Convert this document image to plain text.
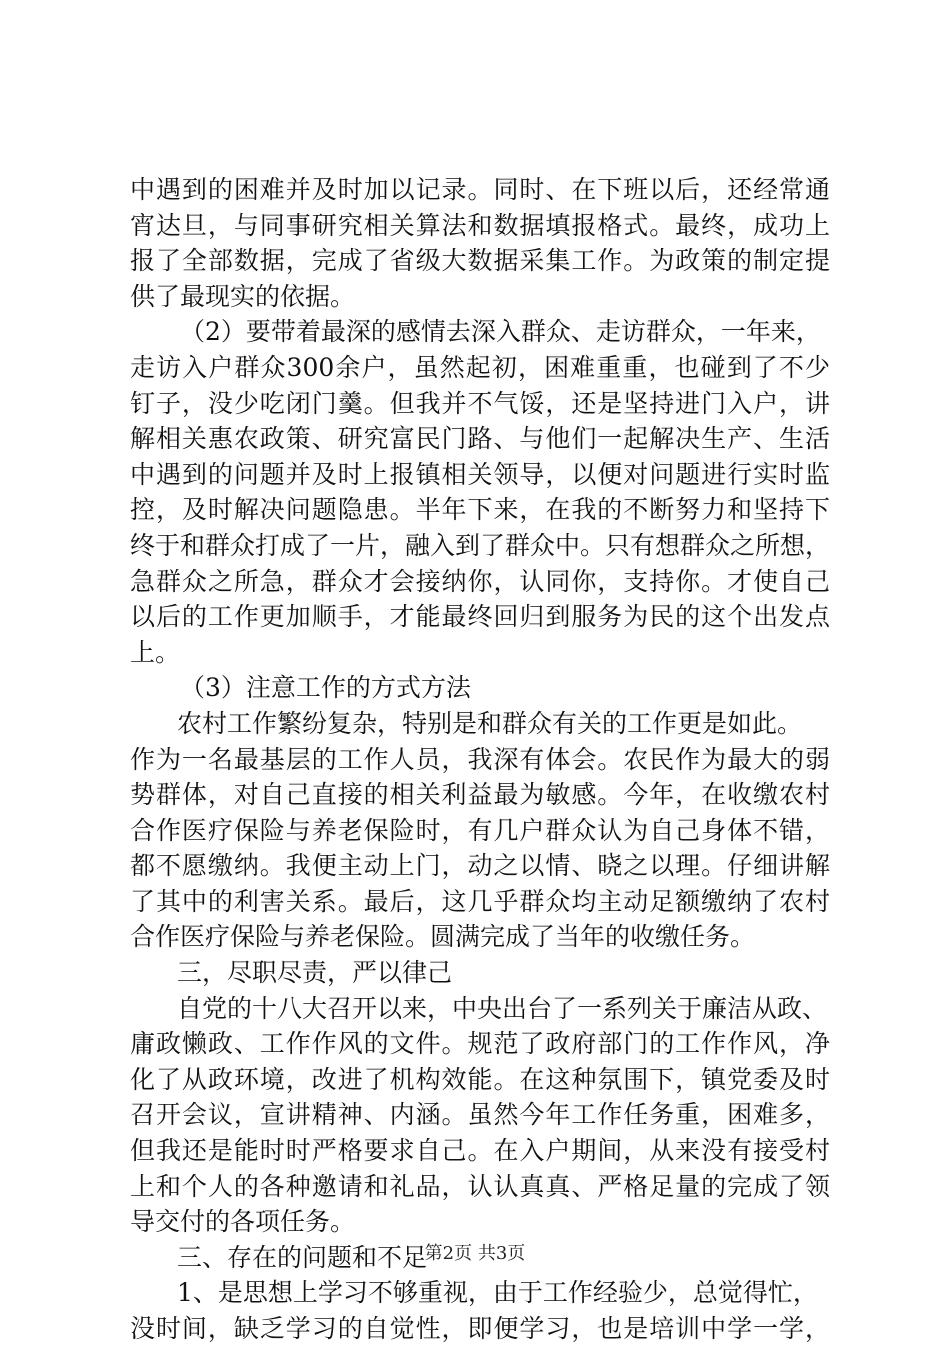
中遇到的困难并及时加以记录。同时、在下班以后，还经常通
宵达旦，与同事研究相关算法和数据填报格式。最终，成功上
报了全部数据，完成了省级大数据采集工作。为政策的制定提
供了最现实的依据。
（2）要带着最深的感情去深入群众、走访群众，一年来，
走访入户群众300余户，虽然起初，困难重重，也碰到了不少
钉子，没少吃闭门羹。但我并不气馁，还是坚持进门入户，讲
解相关惠农政策、研究富民门路、与他们一起解决生产、生活
中遇到的问题并及时上报镇相关领导，以便对问题进行实时监
控，及时解决问题隐患。半年下来，在我的不断努力和坚持下
终于和群众打成了一片，融入到了群众中。只有想群众之所想，
急群众之所急，群众才会接纳你，认同你，支持你。才使自己
以后的工作更加顺手，才能最终回归到服务为民的这个出发点
上。
（3）注意工作的方式方法
农村工作繁纷复杂，特别是和群众有关的工作更是如此。
作为一名最基层的工作人员，我深有体会。农民作为最大的弱
势群体，对自己直接的相关利益最为敏感。今年，在收缴农村
合作医疗保险与养老保险时，有几户群众认为自己身体不错，
都不愿缴纳。我便主动上门，动之以情、晓之以理。仔细讲解
了其中的利害关系。最后，这几乎群众均主动足额缴纳了农村
合作医疗保险与养老保险。圆满完成了当年的收缴任务。
三，尽职尽责，严以律己
自党的十八大召开以来，中央出台了一系列关于廉洁从政、
庸政懒政、工作作风的文件。规范了政府部门的工作作风，净
化了从政环境，改进了机构效能。在这种氛围下，镇党委及时
召开会议，宣讲精神、内涵。虽然今年工作任务重，困难多，
但我还是能时时严格要求自己。在入户期间，从来没有接受村
上和个人的各种邀请和礼品，认认真真、严格足量的完成了领
导交付的各项任务。
三、存在的问题和不足
1、是思想上学习不够重视，由于工作经验少，总觉得忙，
没时间，缺乏学习的自觉性，即便学习，也是培训中学一学，
第2页 共3页
